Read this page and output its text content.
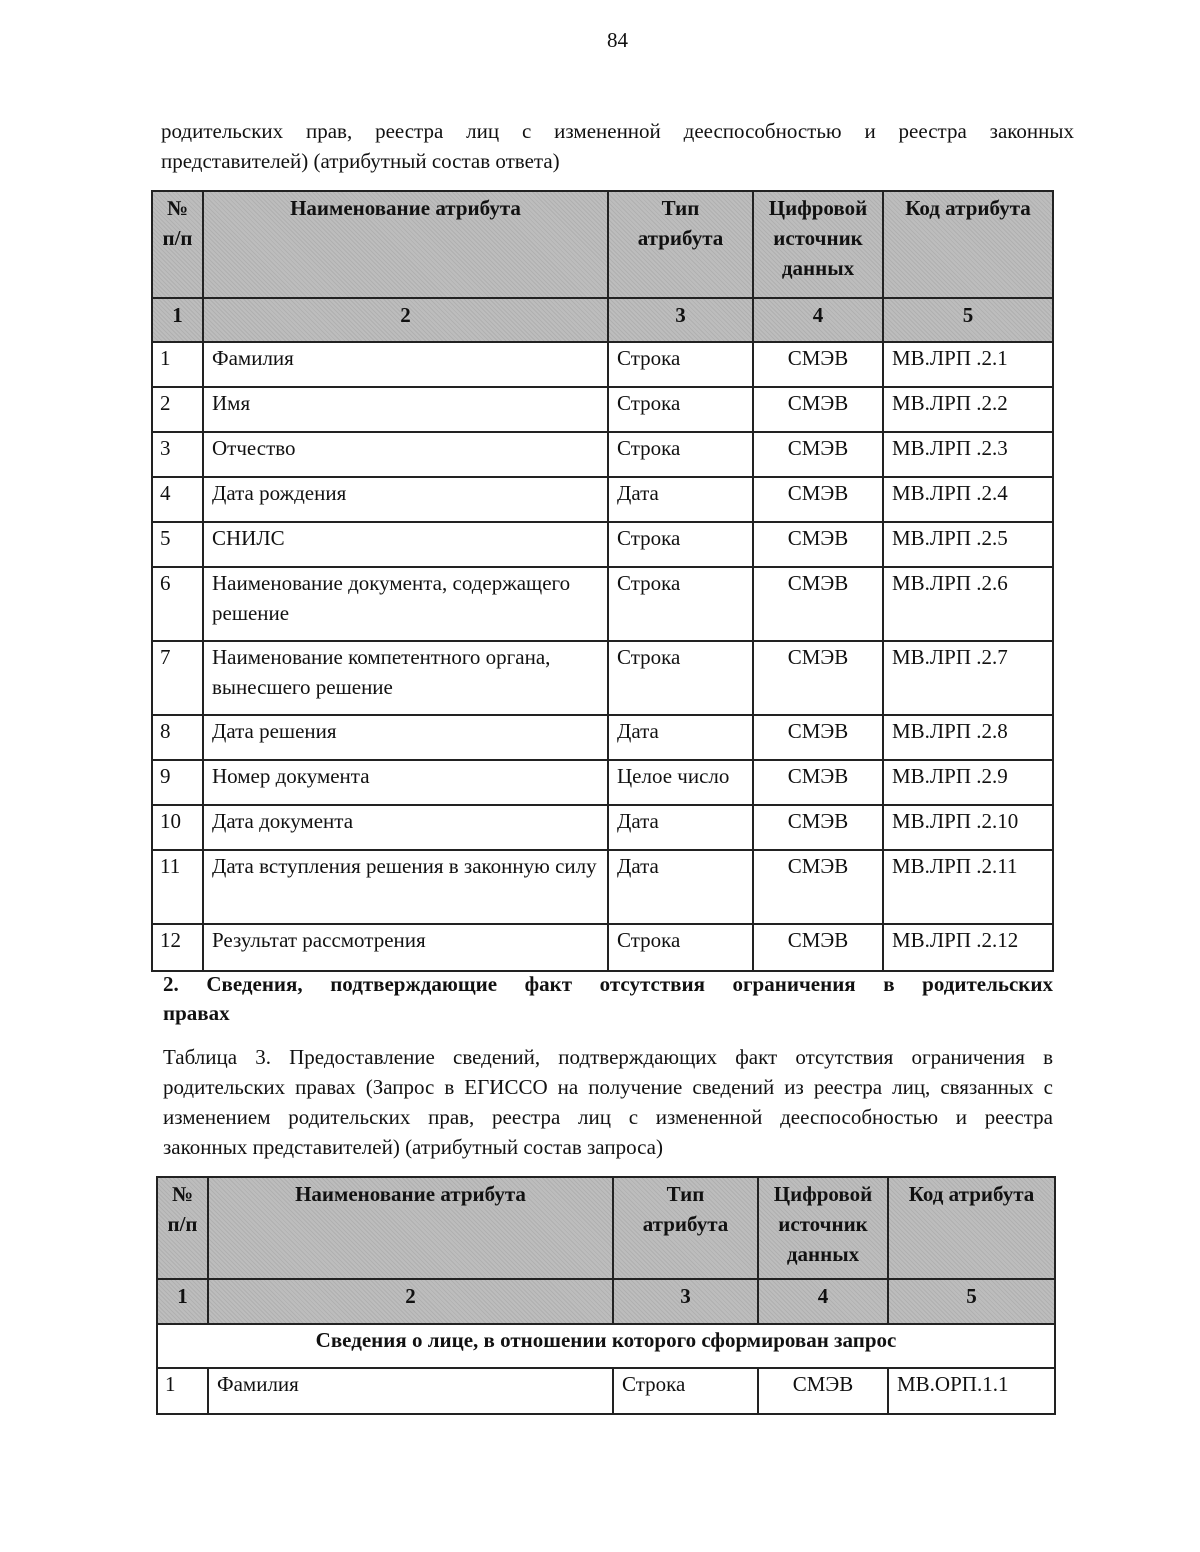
84

родительских прав, реестра лиц с измененной дееспособностью и реестра законных
представителей) (атрибутный состав ответа)

№ п/п	Наименование атрибута	Тип атрибута	Цифровой источник данных	Код атрибута
1	2	3	4	5
1	Фамилия	Строка	СМЭВ	МВ.ЛРП .2.1
2	Имя	Строка	СМЭВ	МВ.ЛРП .2.2
3	Отчество	Строка	СМЭВ	МВ.ЛРП .2.3
4	Дата рождения	Дата	СМЭВ	МВ.ЛРП .2.4
5	СНИЛС	Строка	СМЭВ	МВ.ЛРП .2.5
6	Наименование документа, содержащего решение	Строка	СМЭВ	МВ.ЛРП .2.6
7	Наименование компетентного органа, вынесшего решение	Строка	СМЭВ	МВ.ЛРП .2.7
8	Дата решения	Дата	СМЭВ	МВ.ЛРП .2.8
9	Номер документа	Целое число	СМЭВ	МВ.ЛРП .2.9
10	Дата документа	Дата	СМЭВ	МВ.ЛРП .2.10
11	Дата вступления решения в законную силу	Дата	СМЭВ	МВ.ЛРП .2.11
12	Результат рассмотрения	Строка	СМЭВ	МВ.ЛРП .2.12

2. Сведения, подтверждающие факт отсутствия ограничения в родительских
правах

Таблица 3. Предоставление сведений, подтверждающих факт отсутствия ограничения в
родительских правах (Запрос в ЕГИССО на получение сведений из реестра лиц, связанных с
изменением родительских прав, реестра лиц с измененной дееспособностью и реестра
законных представителей) (атрибутный состав запроса)

№ п/п	Наименование атрибута	Тип атрибута	Цифровой источник данных	Код атрибута
1	2	3	4	5
Сведения о лице, в отношении которого сформирован запрос				
1	Фамилия	Строка	СМЭВ	МВ.ОРП.1.1
